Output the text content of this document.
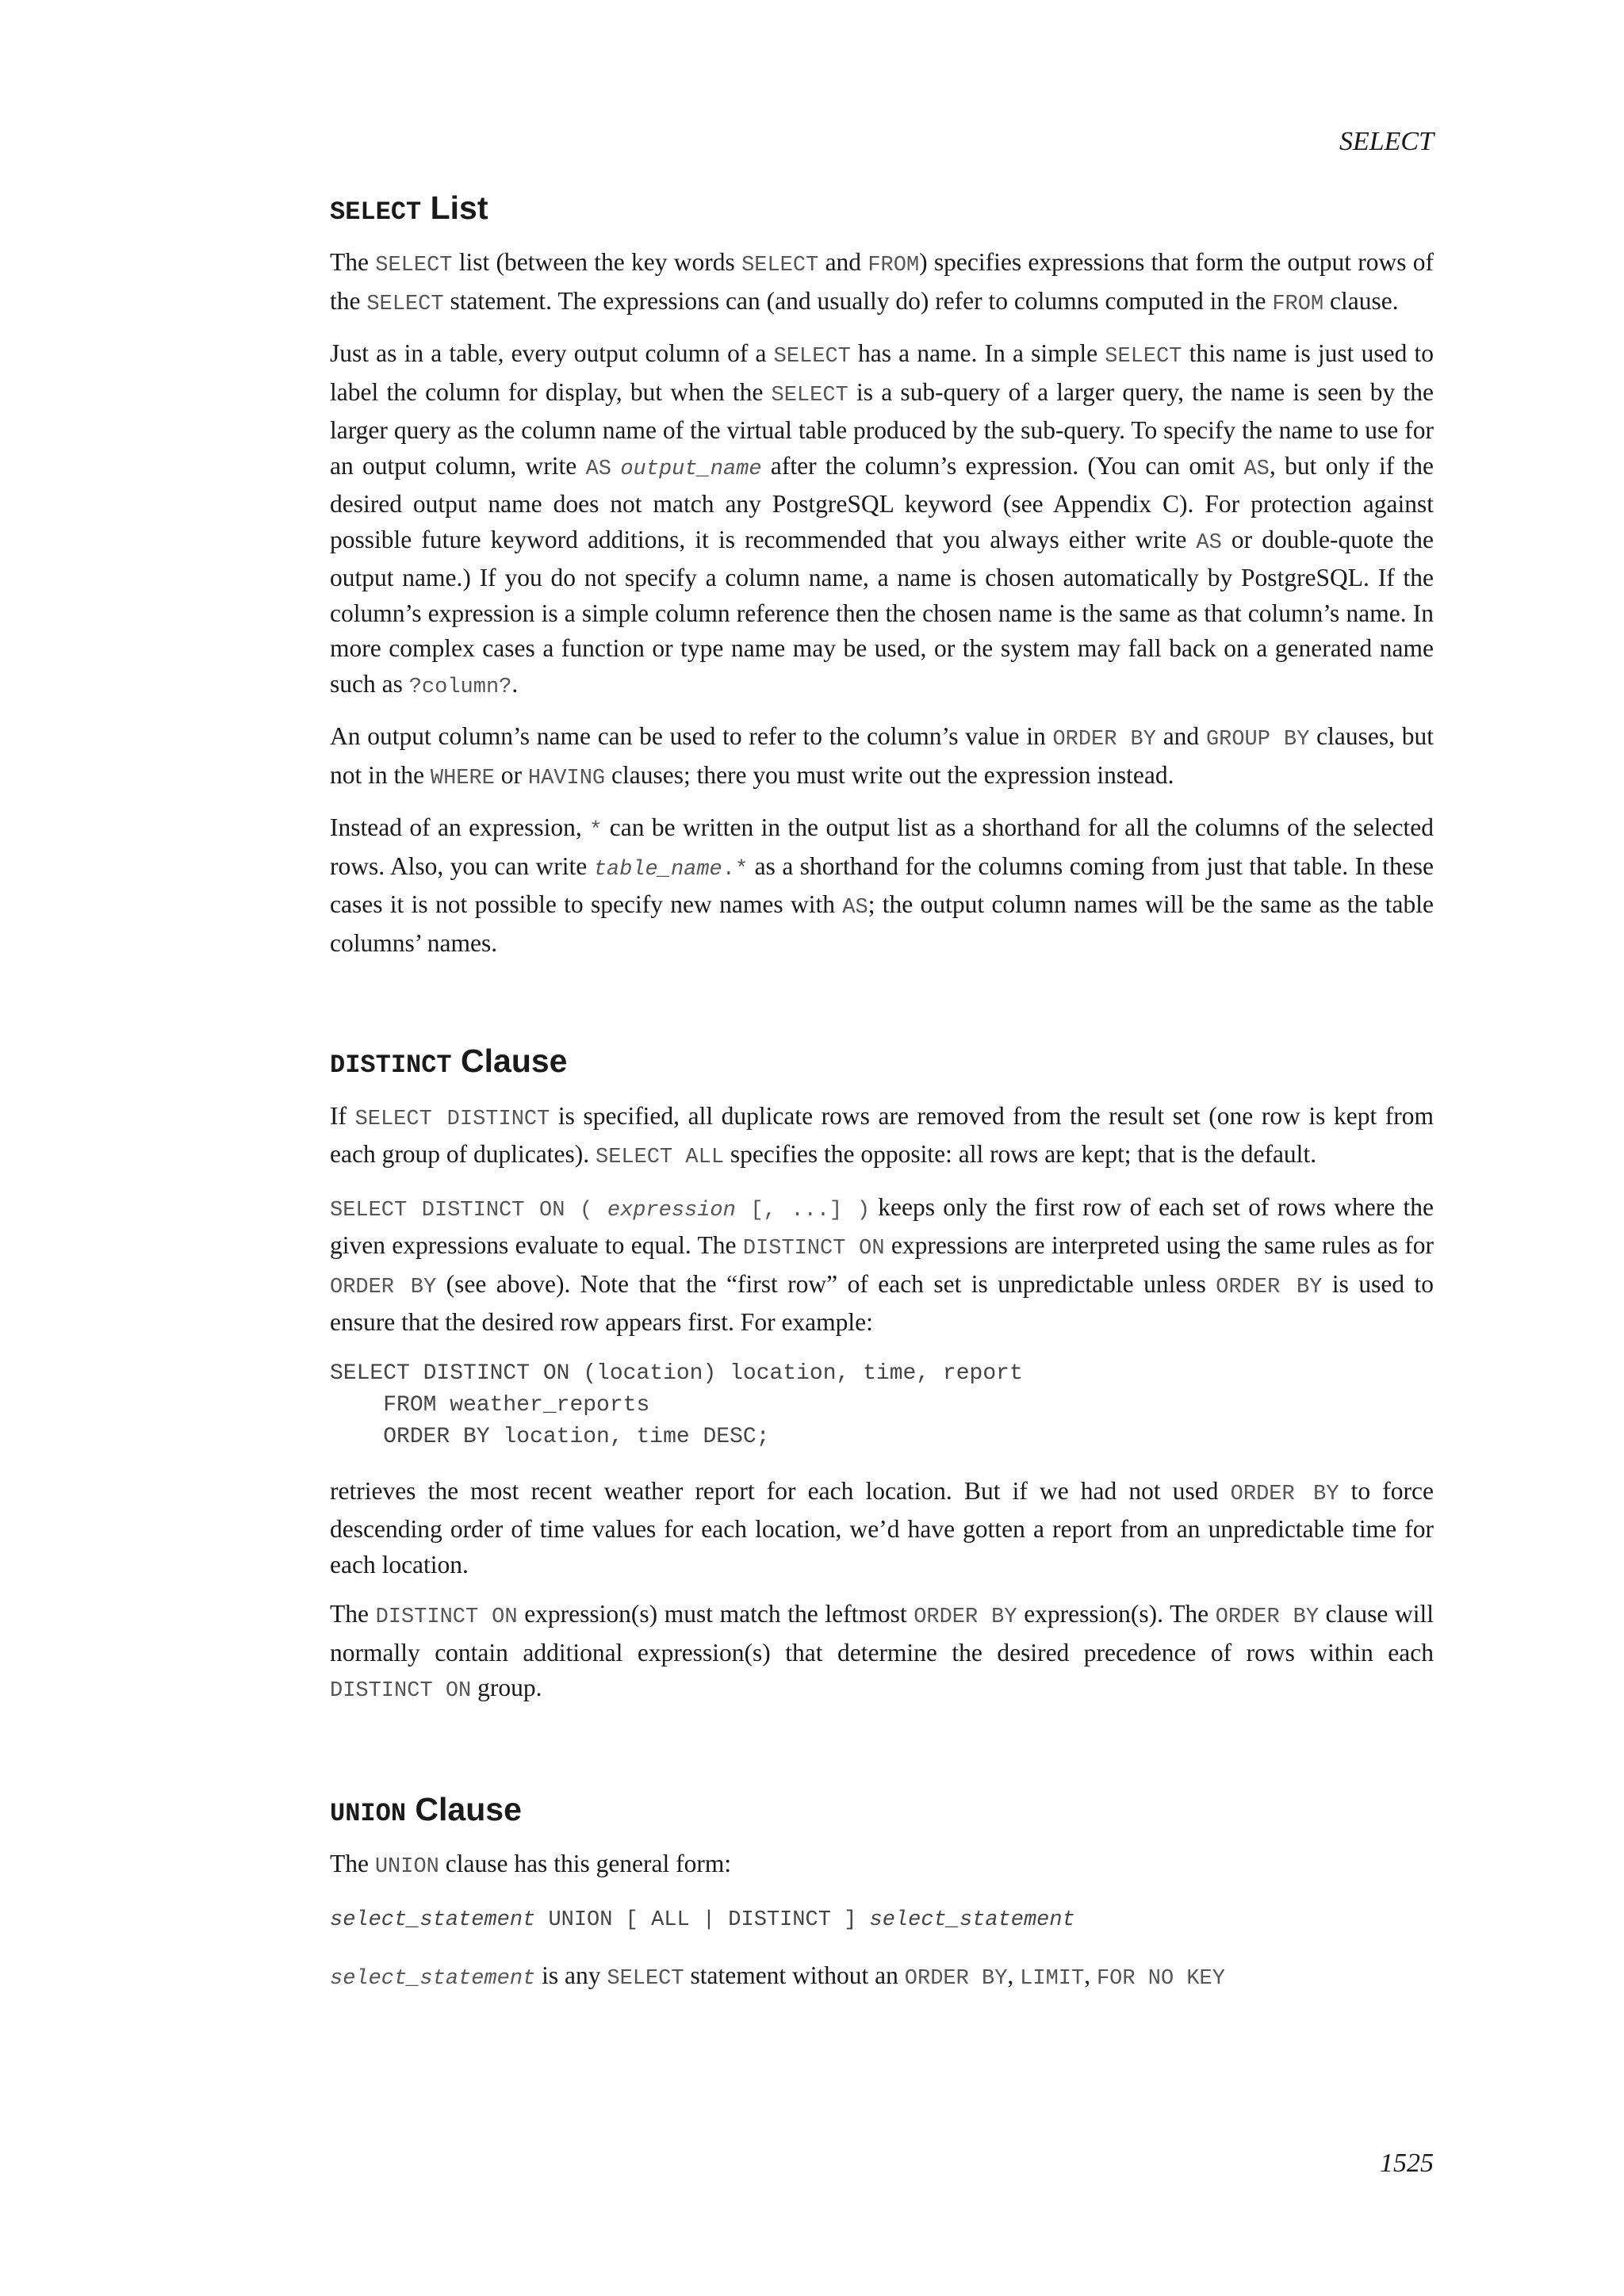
SELECT
SELECT List

The SELECT list (between the key words SELECT and FROM) specifies expressions that form the output rows of the SELECT statement. The expressions can (and usually do) refer to columns computed in the FROM clause.

Just as in a table, every output column of a SELECT has a name. In a simple SELECT this name is just used to label the column for display, but when the SELECT is a sub-query of a larger query, the name is seen by the larger query as the column name of the virtual table produced by the sub-query. To specify the name to use for an output column, write AS output_name after the column’s expression. (You can omit AS, but only if the desired output name does not match any PostgreSQL keyword (see Appendix C). For protection against possible future keyword additions, it is recommended that you always either write AS or double-quote the output name.) If you do not specify a column name, a name is chosen automatically by PostgreSQL. If the column’s expression is a simple column reference then the chosen name is the same as that column’s name. In more complex cases a function or type name may be used, or the system may fall back on a generated name such as ?column?.

An output column’s name can be used to refer to the column’s value in ORDER BY and GROUP BY clauses, but not in the WHERE or HAVING clauses; there you must write out the expression instead.

Instead of an expression, * can be written in the output list as a shorthand for all the columns of the selected rows. Also, you can write table_name.* as a shorthand for the columns coming from just that table. In these cases it is not possible to specify new names with AS; the output column names will be the same as the table columns’ names.

DISTINCT Clause

If SELECT DISTINCT is specified, all duplicate rows are removed from the result set (one row is kept from each group of duplicates). SELECT ALL specifies the opposite: all rows are kept; that is the default.

SELECT DISTINCT ON ( expression [, ...] ) keeps only the first row of each set of rows where the given expressions evaluate to equal. The DISTINCT ON expressions are interpreted using the same rules as for ORDER BY (see above). Note that the “first row” of each set is unpredictable unless ORDER BY is used to ensure that the desired row appears first. For example:

SELECT DISTINCT ON (location) location, time, report
FROM weather_reports
ORDER BY location, time DESC;

retrieves the most recent weather report for each location. But if we had not used ORDER BY to force descending order of time values for each location, we’d have gotten a report from an unpredictable time for each location.

The DISTINCT ON expression(s) must match the leftmost ORDER BY expression(s). The ORDER BY clause will normally contain additional expression(s) that determine the desired precedence of rows within each DISTINCT ON group.

UNION Clause

The UNION clause has this general form:

select_statement UNION [ ALL | DISTINCT ] select_statement

select_statement is any SELECT statement without an ORDER BY, LIMIT, FOR NO KEY

1525
